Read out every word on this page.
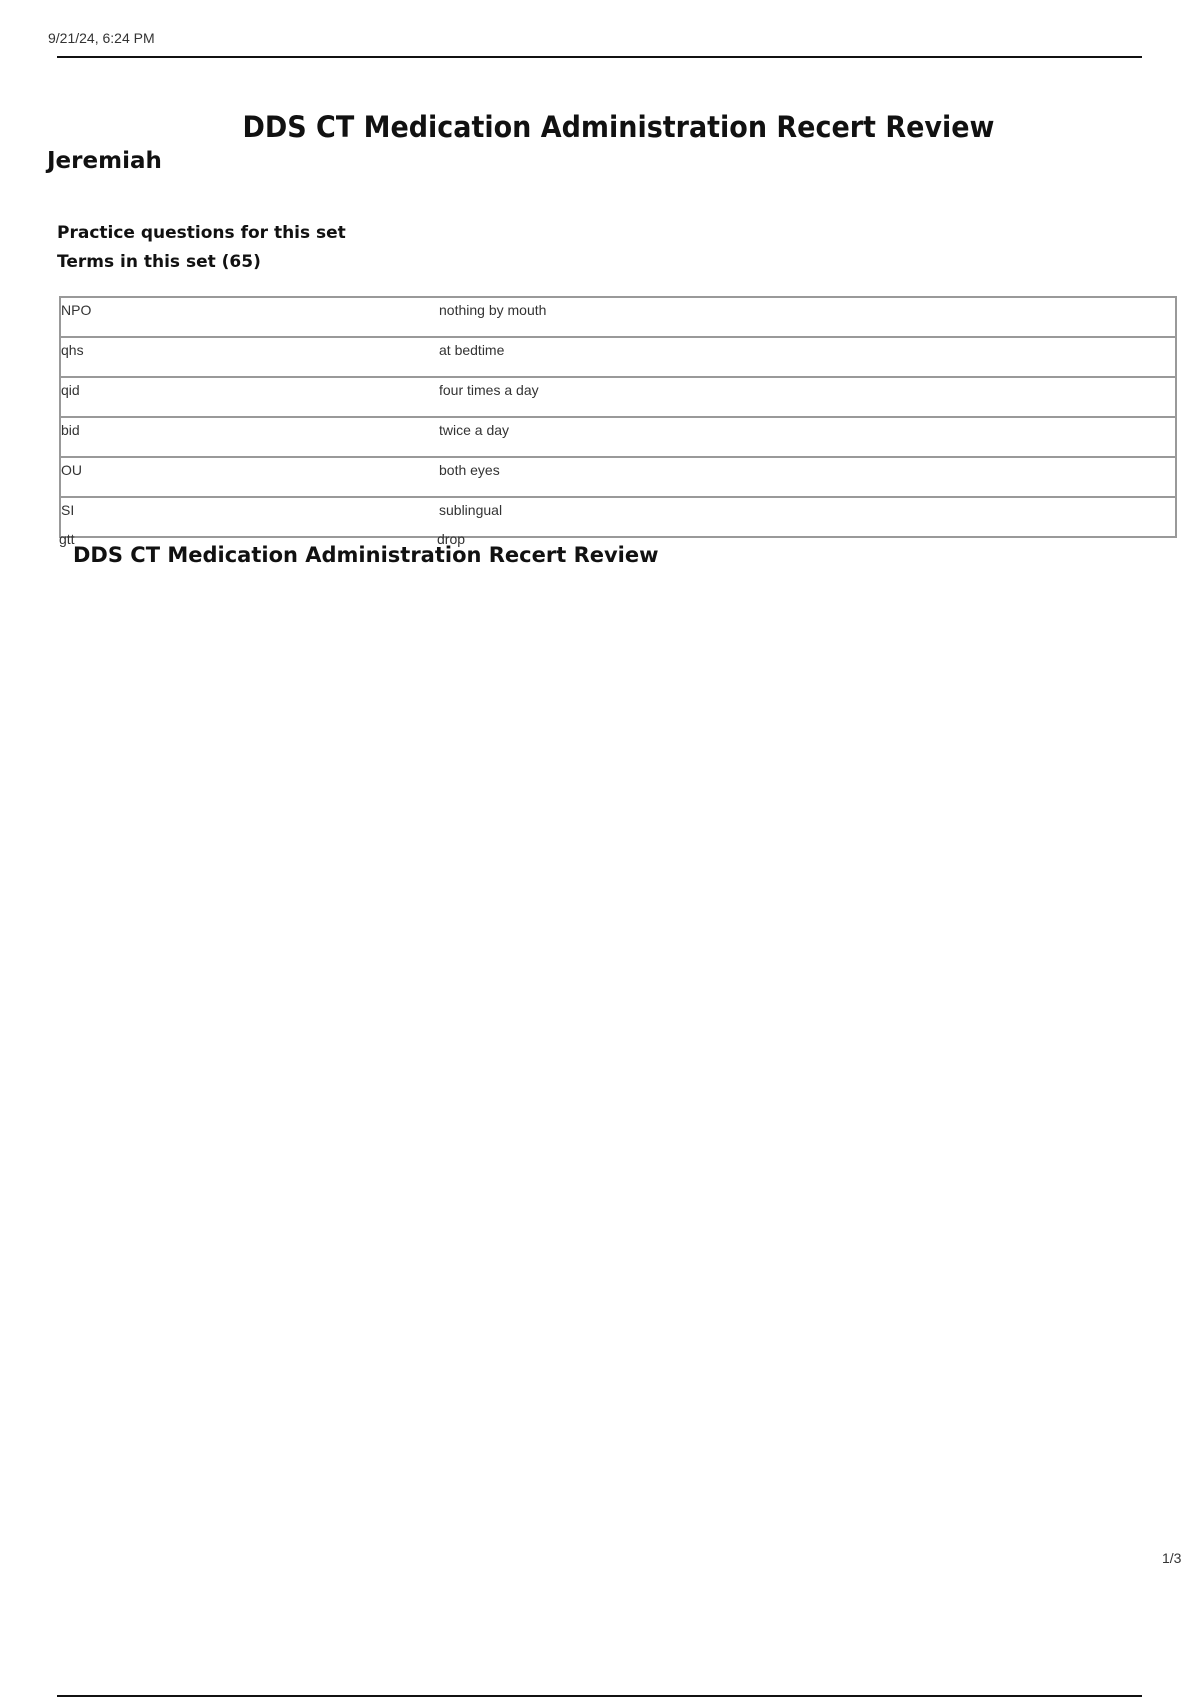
9/21/24, 6:24 PM
DDS CT Medication Administration Recert Review
Jeremiah
Practice questions for this set
Terms in this set (65)
NPO	nothing by mouth
qhs	at bedtime
qid	four times a day
bid	twice a day
OU	both eyes
SI	sublingual
gtt	drop
DDS CT Medication Administration Recert Review
1/3
